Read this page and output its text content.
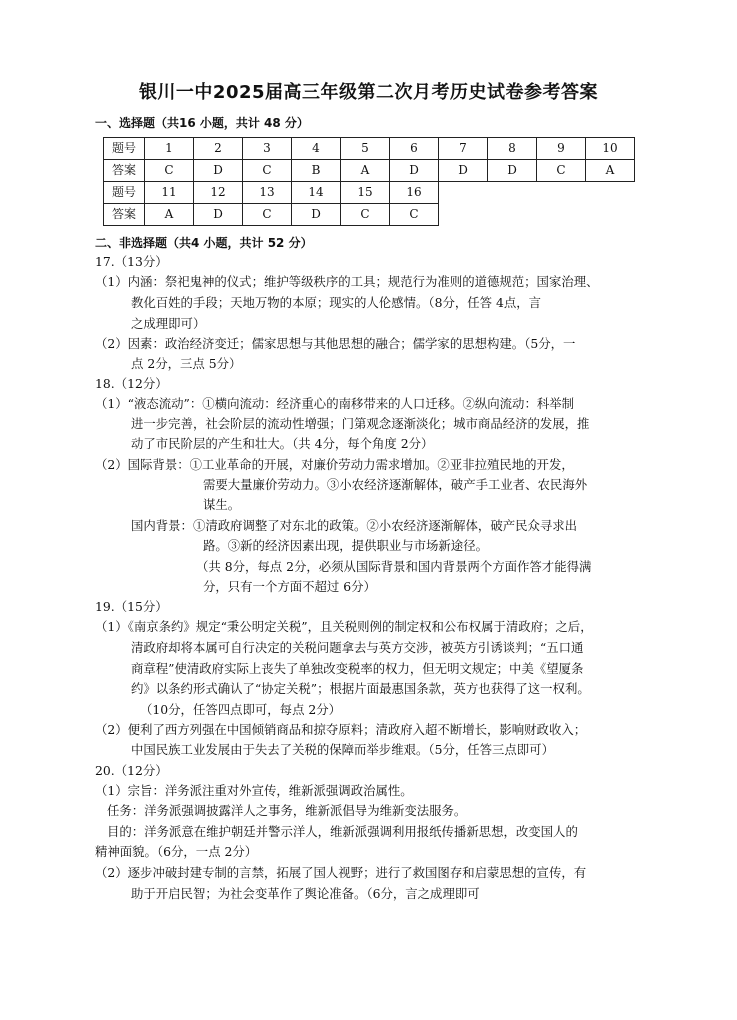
银川一中2025届高三年级第二次月考历史试卷参考答案
一、选择题（共16 小题，共计 48 分）
题号	1	2	3	4	5	6	7	8	9	10
答案	C	D	C	B	A	D	D	D	C	A
题号	11	12	13	14	15	16				
答案	A	D	C	D	C	C				
二、非选择题（共4 小题，共计 52 分）
17.（13分）
（1）内涵：祭祀鬼神的仪式；维护等级秩序的工具；规范行为准则的道德规范；国家治理、
教化百姓的手段；天地万物的本原；现实的人伦感情。（8分，任答 4点，言
之成理即可）
（2）因素：政治经济变迁；儒家思想与其他思想的融合；儒学家的思想构建。（5分，一
点 2分，三点 5分）
18.（12分）
（1）“液态流动”：①横向流动：经济重心的南移带来的人口迁移。②纵向流动：科举制
进一步完善，社会阶层的流动性增强；门第观念逐渐淡化；城市商品经济的发展，推
动了市民阶层的产生和壮大。（共 4分，每个角度 2分）
（2）国际背景：①工业革命的开展，对廉价劳动力需求增加。②亚非拉殖民地的开发，
需要大量廉价劳动力。③小农经济逐渐解体，破产手工业者、农民海外
谋生。
国内背景：①清政府调整了对东北的政策。②小农经济逐渐解体，破产民众寻求出
路。③新的经济因素出现，提供职业与市场新途径。
（共 8分，每点 2分，必须从国际背景和国内背景两个方面作答才能得满
分，只有一个方面不超过 6分）
19.（15分）
（1）《南京条约》规定“秉公明定关税”，且关税则例的制定权和公布权属于清政府；之后，
清政府却将本属可自行决定的关税问题拿去与英方交涉，被英方引诱谈判；“五口通
商章程”使清政府实际上丧失了单独改变税率的权力，但无明文规定；中美《望厦条
约》以条约形式确认了“协定关税”；根据片面最惠国条款，英方也获得了这一权利。
（10分，任答四点即可，每点 2分）
（2）便利了西方列强在中国倾销商品和掠夺原料；清政府入超不断增长，影响财政收入；
中国民族工业发展由于失去了关税的保障而举步维艰。（5分，任答三点即可）
20.（12分）
（1）宗旨：洋务派注重对外宣传，维新派强调政治属性。
任务：洋务派强调披露洋人之事务，维新派倡导为维新变法服务。
目的：洋务派意在维护朝廷并警示洋人，维新派强调利用报纸传播新思想，改变国人的
精神面貌。（6分，一点 2分）
（2）逐步冲破封建专制的言禁，拓展了国人视野；进行了救国图存和启蒙思想的宣传，有
助于开启民智；为社会变革作了舆论准备。（6分，言之成理即可
